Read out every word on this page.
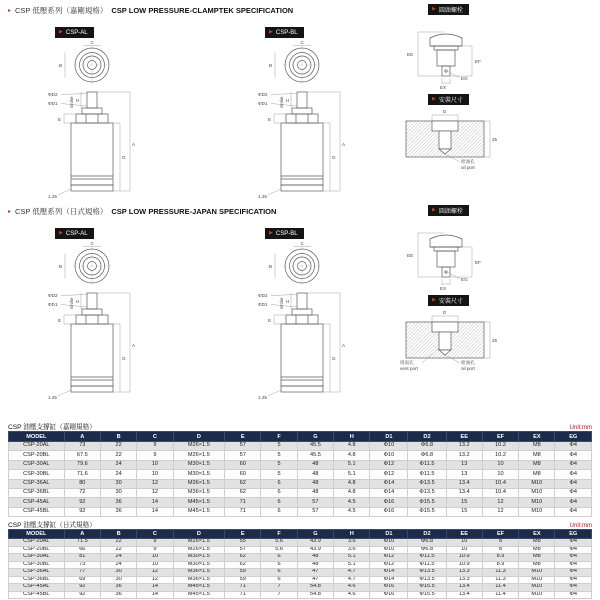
▸ CSP 低壓系列（嘉剛規格） CSP LOW PRESSURE-CLAMPTEK SPECIFICATION	▶ 圓頭螺栓
▶ CSP-AL	▶ CSP-BL
C
B
C
B
ΦD2
ΦD1
H
stroke
E
G
A
1.25
ΦD2
ΦD1
H
stroke
E
G
A
1.25
EE
EF
EX
EG
▶ 安裝尺寸
D
25
給油孔
oil port
▸ CSP 低壓系列（日式規格） CSP LOW PRESSURE-JAPAN SPECIFICATION	▶ 圓頭螺栓
▶ CSP-AL	▶ CSP-BL
C
B
C
B
ΦD2
ΦD1
H
stroke
E
G
A
1.25
ΦD2
ΦD1
H
stroke
E
G
A
1.25
EE
EF
EX
EG
▶ 安裝尺寸
D
25
排氣孔
vent port
給油孔
oil port
CSP 油壓支撐缸（嘉剛規格）	Unit:mm
MODEL	A	B	C	D	E	F	G	H	D1	D2	EE	EF	EX	EG
CSP-20AL	73	22	9	M26×1.5	57	5	45.5	4.8	Φ10	Φ6.8	13.2	10.2	M8	Φ4
CSP-20BL	67.5	22	9	M26×1.5	57	5	45.5	4.8	Φ10	Φ6.8	13.2	10.2	M8	Φ4
CSP-30AL	79.6	24	10	M30×1.5	60	5	48	5.1	Φ12	Φ11.5	13	10	M8	Φ4
CSP-30BL	71.6	24	10	M30×1.5	60	5	48	5.1	Φ12	Φ11.5	13	10	M8	Φ4
CSP-36AL	80	30	12	M36×1.5	62	6	48	4.8	Φ14	Φ13.5	13.4	10.4	M10	Φ4
CSP-36BL	72	30	12	M36×1.5	62	6	48	4.8	Φ14	Φ13.5	13.4	10.4	M10	Φ4
CSP-45AL	92	36	14	M45×1.5	71	6	57	4.5	Φ16	Φ15.5	15	12	M10	Φ4
CSP-45BL	92	36	14	M45×1.5	71	6	57	4.5	Φ16	Φ15.5	15	12	M10	Φ4
CSP 油壓支撐缸（日式規格）	Unit:mm
MODEL	A	B	C	D	E	F	G	H	D1	D2	EE	EF	EX	EG
CSP-20AL	71.5	22	9	M26×1.5	55	5.6	43.9	3.6	Φ10	Φ6.8	10	8	M8	Φ4
CSP-20BL	66	22	9	M26×1.5	57	5.6	43.9	3.6	Φ10	Φ6.8	10	8	M8	Φ4
CSP-30AL	81	24	10	M30×1.5	62	6	48	5.1	Φ12	Φ11.5	10.9	8.9	M8	Φ4
CSP-30BL	73	24	10	M30×1.5	62	6	48	5.1	Φ12	Φ11.5	10.9	8.9	M8	Φ4
CSP-36AL	77	30	12	M36×1.5	59	6	47	4.7	Φ14	Φ13.5	13.3	11.3	M10	Φ4
CSP-36BL	69	30	12	M36×1.5	59	6	47	4.7	Φ14	Φ13.5	13.3	11.3	M10	Φ4
CSP-45AL	92	36	14	M45×1.5	71	7	54.8	4.6	Φ16	Φ15.5	13.4	11.4	M10	Φ4
CSP-45BL	92	36	14	M45×1.5	71	7	54.8	4.6	Φ16	Φ15.5	13.4	11.4	M10	Φ4
